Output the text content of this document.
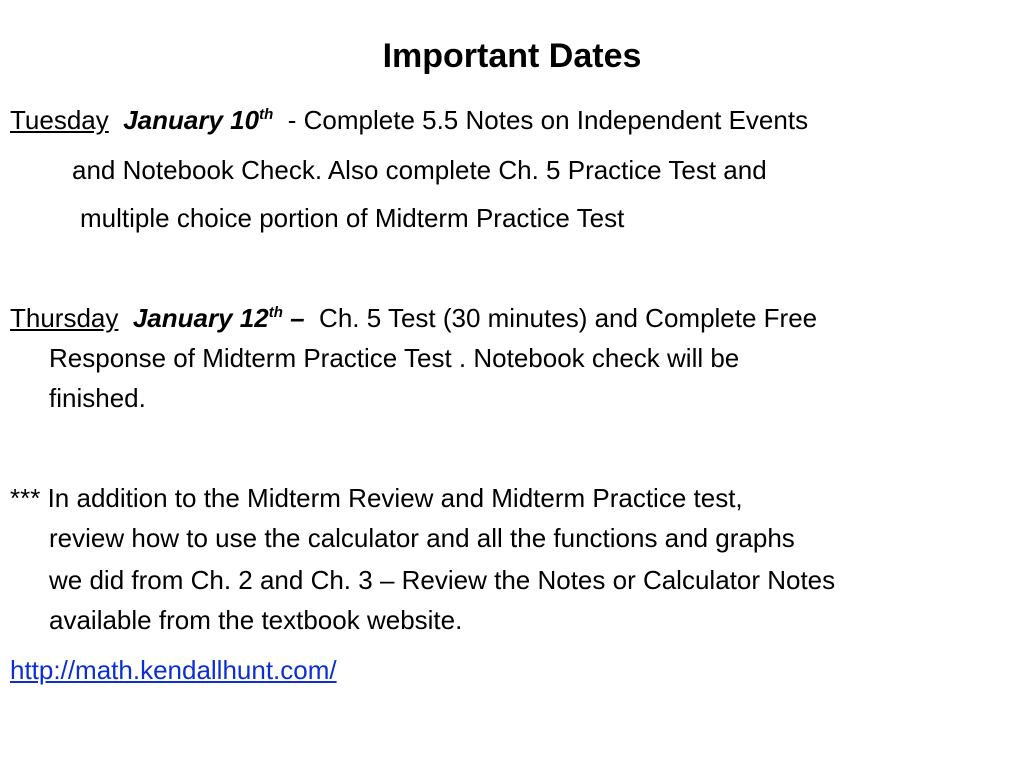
Important Dates
Tuesday January 10th - Complete 5.5 Notes on Independent Events
and Notebook Check. Also complete Ch. 5 Practice Test and
multiple choice portion of Midterm Practice Test
Thursday January 12th – Ch. 5 Test (30 minutes) and Complete Free
Response of Midterm Practice Test . Notebook check will be
finished.
*** In addition to the Midterm Review and Midterm Practice test,
review how to use the calculator and all the functions and graphs
we did from Ch. 2 and Ch. 3 – Review the Notes or Calculator Notes
available from the textbook website.
http://math.kendallhunt.com/
